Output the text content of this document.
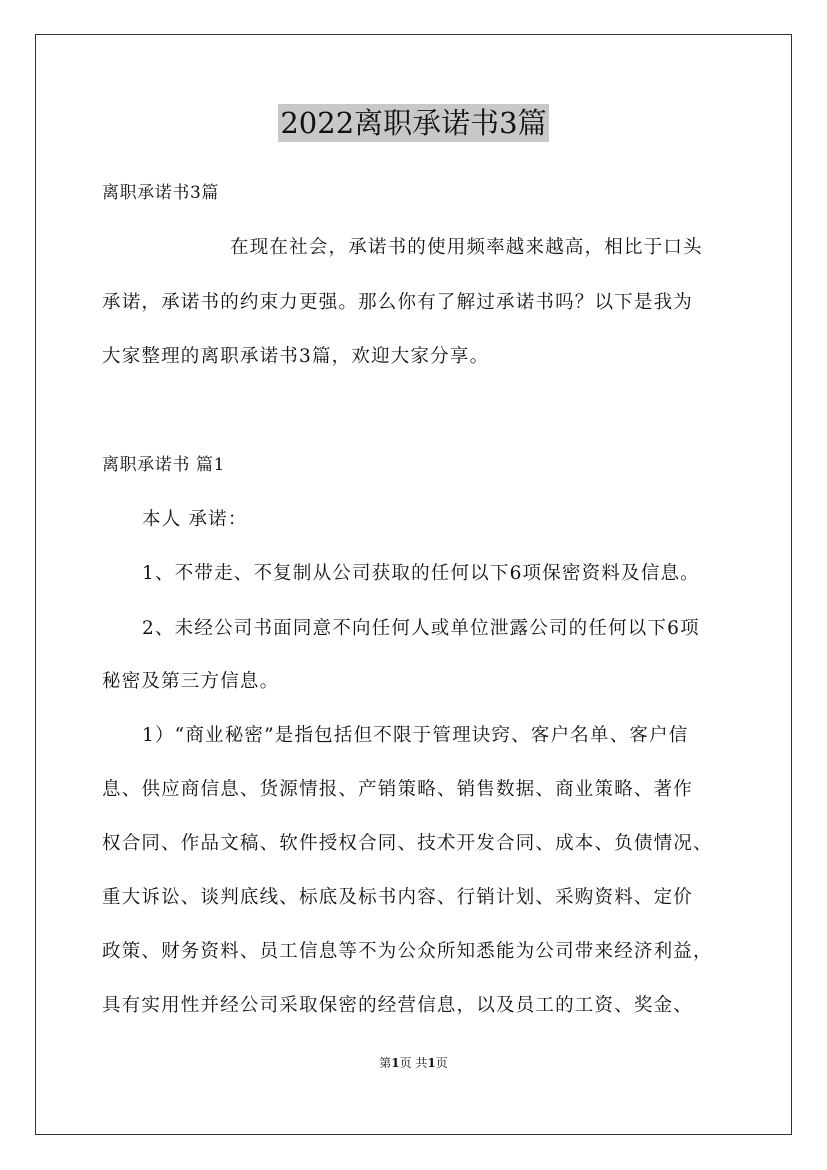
2022离职承诺书3篇
离职承诺书3篇
在现在社会，承诺书的使用频率越来越高，相比于口头
承诺，承诺书的约束力更强。那么你有了解过承诺书吗？以下是我为
大家整理的离职承诺书3篇，欢迎大家分享。
离职承诺书 篇1
本人 承诺：
1、不带走、不复制从公司获取的任何以下6项保密资料及信息。
2、未经公司书面同意不向任何人或单位泄露公司的任何以下6项
秘密及第三方信息。
1）“商业秘密”是指包括但不限于管理诀窍、客户名单、客户信
息、供应商信息、货源情报、产销策略、销售数据、商业策略、著作
权合同、作品文稿、软件授权合同、技术开发合同、成本、负债情况、
重大诉讼、谈判底线、标底及标书内容、行销计划、采购资料、定价
政策、财务资料、员工信息等不为公众所知悉能为公司带来经济利益，
具有实用性并经公司采取保密的经营信息，以及员工的工资、奖金、
第1页 共1页
